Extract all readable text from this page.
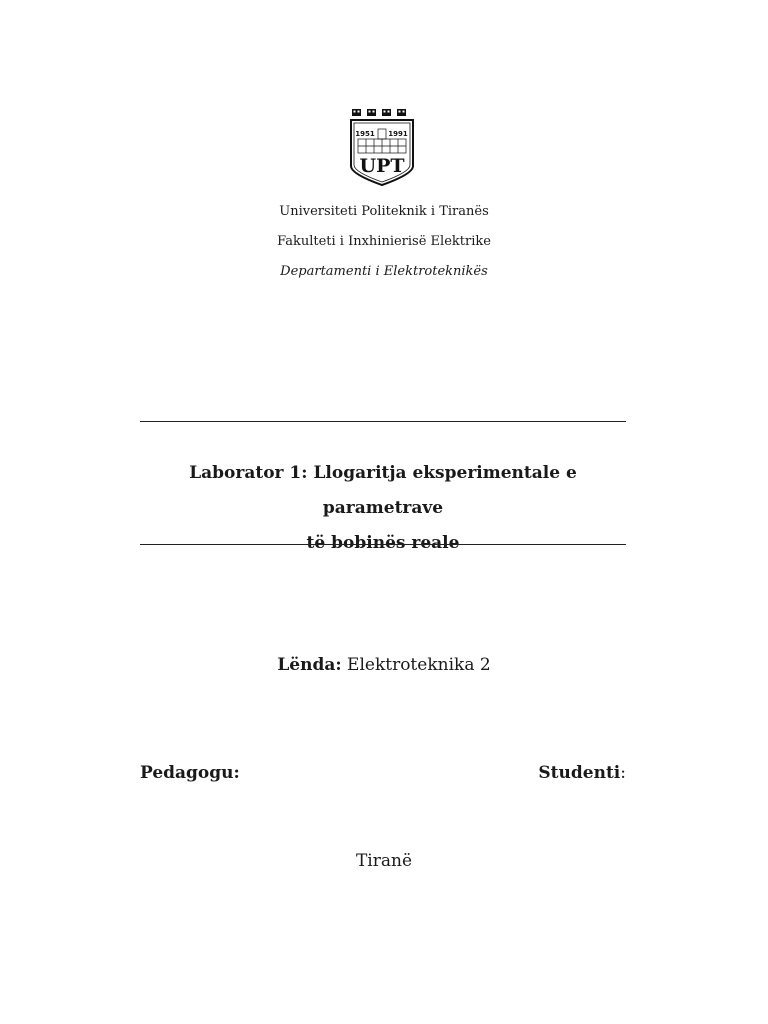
1951 1991
UPT
Universiteti Politeknik i Tiranës
Fakulteti i Inxhinierisë Elektrike
Departamenti i Elektroteknikës
Laborator 1: Llogaritja eksperimentale e parametrave
të bobinës reale
Lënda: Elektroteknika 2
Pedagogu:	Studenti:
Tiranë
